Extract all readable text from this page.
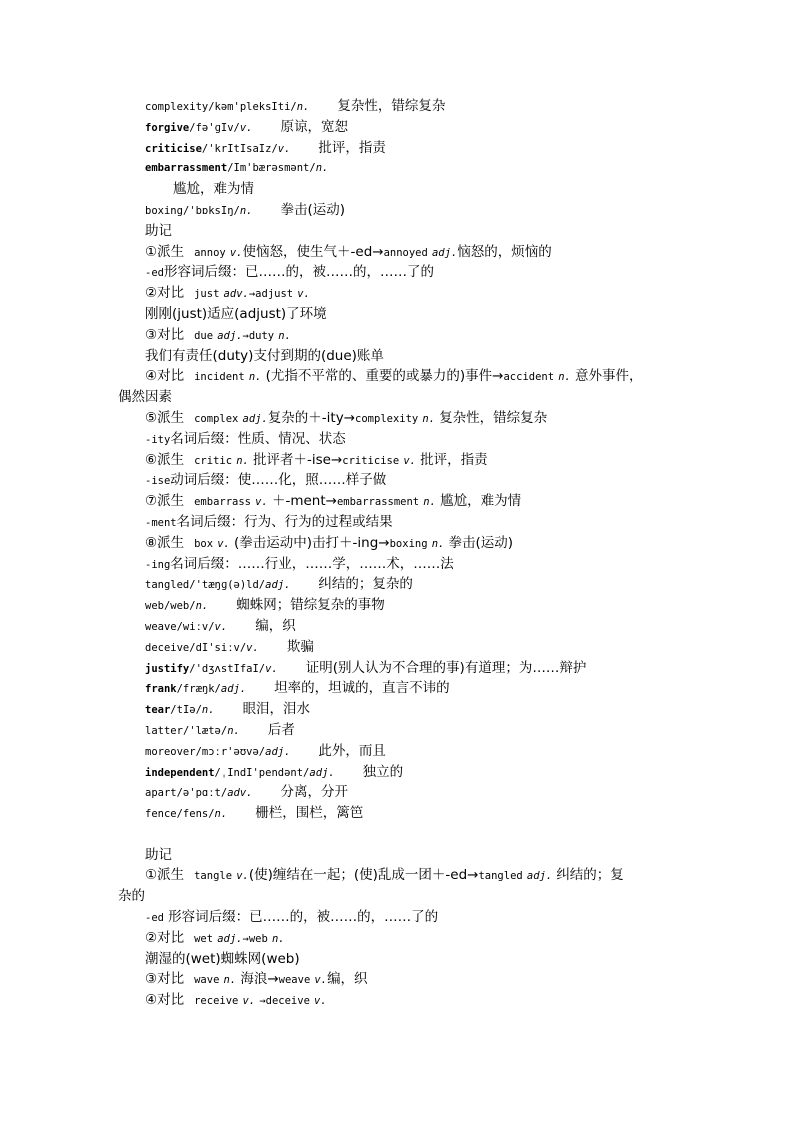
complexity/kəm'pleksIti/n. 复杂性，错综复杂
forgive/fə'ɡIv/v. 原谅，宽恕
criticise/'krItIsaIz/v. 批评，指责
embarrassment/Im'bærəsmənt/n.
尴尬，难为情
boxing/'bɒksIŋ/n. 拳击(运动)
助记
①派生 annoy v.使恼怒，使生气＋-ed→annoyed adj.恼怒的，烦恼的
-ed形容词后缀：已……的，被……的，……了的
②对比 just adv.→adjust v.
刚刚(just)适应(adjust)了环境
③对比 due adj.→duty n.
我们有责任(duty)支付到期的(due)账单
④对比 incident n. (尤指不平常的、重要的或暴力的)事件→accident n. 意外事件，
偶然因素
⑤派生 complex adj.复杂的＋-ity→complexity n. 复杂性，错综复杂
-ity名词后缀：性质、情况、状态
⑥派生 critic n. 批评者＋-ise→criticise v. 批评，指责
-ise动词后缀：使……化，照……样子做
⑦派生 embarrass v. ＋-ment→embarrassment n. 尴尬，难为情
-ment名词后缀：行为、行为的过程或结果
⑧派生 box v. (拳击运动中)击打＋-ing→boxing n. 拳击(运动)
-ing名词后缀：……行业，……学，……术，……法
tangled/'tæŋɡ(ə)ld/adj. 纠结的；复杂的
web/web/n. 蜘蛛网；错综复杂的事物
weave/wiːv/v. 编，织
deceive/dI'siːv/v. 欺骗
justify/'dʒʌstIfaI/v. 证明(别人认为不合理的事)有道理；为……辩护
frank/fræŋk/adj. 坦率的，坦诚的，直言不讳的
tear/tIə/n. 眼泪，泪水
latter/'lætə/n. 后者
moreover/mɔːr'əʊvə/adj. 此外，而且
independent/ˌIndI'pendənt/adj. 独立的
apart/ə'pɑːt/adv. 分离，分开
fence/fens/n. 栅栏，围栏，篱笆
助记
①派生 tangle v.(使)缠结在一起；(使)乱成一团＋-ed→tangled adj. 纠结的；复
杂的
-ed 形容词后缀：已……的，被……的，……了的
②对比 wet adj.→web n.
潮湿的(wet)蜘蛛网(web)
③对比 wave n. 海浪→weave v.编，织
④对比 receive v. →deceive v.
